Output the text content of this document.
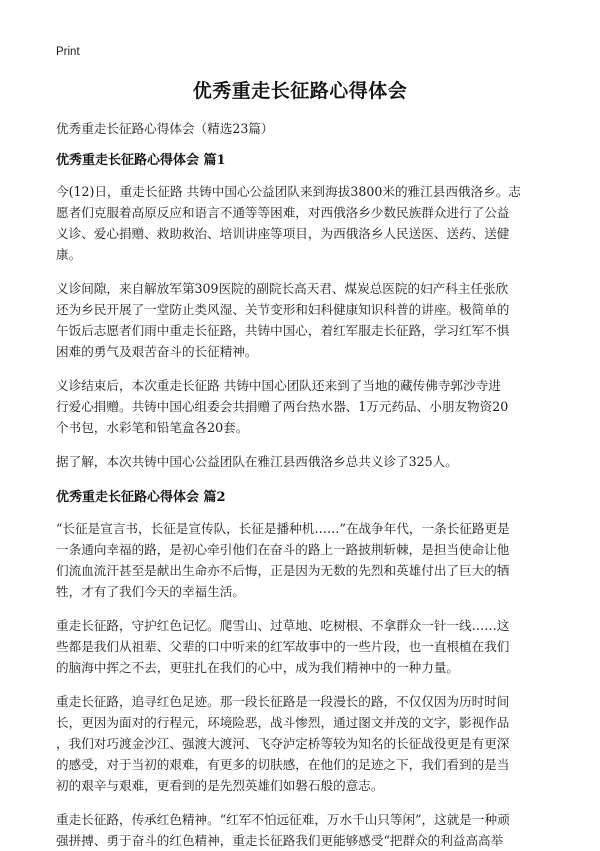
Print
优秀重走长征路心得体会
优秀重走长征路心得体会（精选23篇）
优秀重走长征路心得体会 篇1

今(12)日，重走长征路 共铸中国心公益团队来到海拔3800米的雅江县西俄洛乡。志
愿者们克服着高原反应和语言不通等等困难，对西俄洛乡少数民族群众进行了公益
义诊、爱心捐赠、救助救治、培训讲座等项目，为西俄洛乡人民送医、送药、送健
康。

义诊间隙，来自解放军第309医院的副院长高天君、煤炭总医院的妇产科主任张欣
还为乡民开展了一堂防止类风湿、关节变形和妇科健康知识科普的讲座。极简单的
午饭后志愿者们雨中重走长征路，共铸中国心，着红军服走长征路，学习红军不惧
困难的勇气及艰苦奋斗的长征精神。

义诊结束后，本次重走长征路 共铸中国心团队还来到了当地的藏传佛寺郭沙寺进
行爱心捐赠。共铸中国心组委会共捐赠了两台热水器、1万元药品、小朋友物资20
个书包，水彩笔和铅笔盒各20套。

据了解，本次共铸中国心公益团队在雅江县西俄洛乡总共义诊了325人。

优秀重走长征路心得体会 篇2

“长征是宣言书，长征是宣传队，长征是播种机……”在战争年代，一条长征路更是
一条通向幸福的路，是初心牵引他们在奋斗的路上一路披荆斩棘，是担当使命让他
们流血流汗甚至是献出生命亦不后悔，正是因为无数的先烈和英雄付出了巨大的牺
牲，才有了我们今天的幸福生活。

重走长征路，守护红色记忆。爬雪山、过草地、吃树根、不拿群众一针一线……这
些都是我们从祖辈、父辈的口中听来的红军故事中的一些片段，也一直根植在我们
的脑海中挥之不去，更驻扎在我们的心中，成为我们精神中的一种力量。

重走长征路，追寻红色足迹。那一段长征路是一段漫长的路，不仅仅因为历时时间
长，更因为面对的行程元，环境险恶，战斗惨烈，通过图文并茂的文字，影视作品
，我们对巧渡金沙江、强渡大渡河、飞夺泸定桥等较为知名的长征战役更是有更深
的感受，对于当初的艰难，有更多的切肤感，在他们的足迹之下，我们看到的是当
初的艰辛与艰难，更看到的是先烈英雄们如磐石般的意志。

重走长征路，传承红色精神。“红军不怕远征难，万水千山只等闲”，这就是一种顽
强拼搏、勇于奋斗的红色精神，重走长征路我们更能够感受“把群众的利益高高举
